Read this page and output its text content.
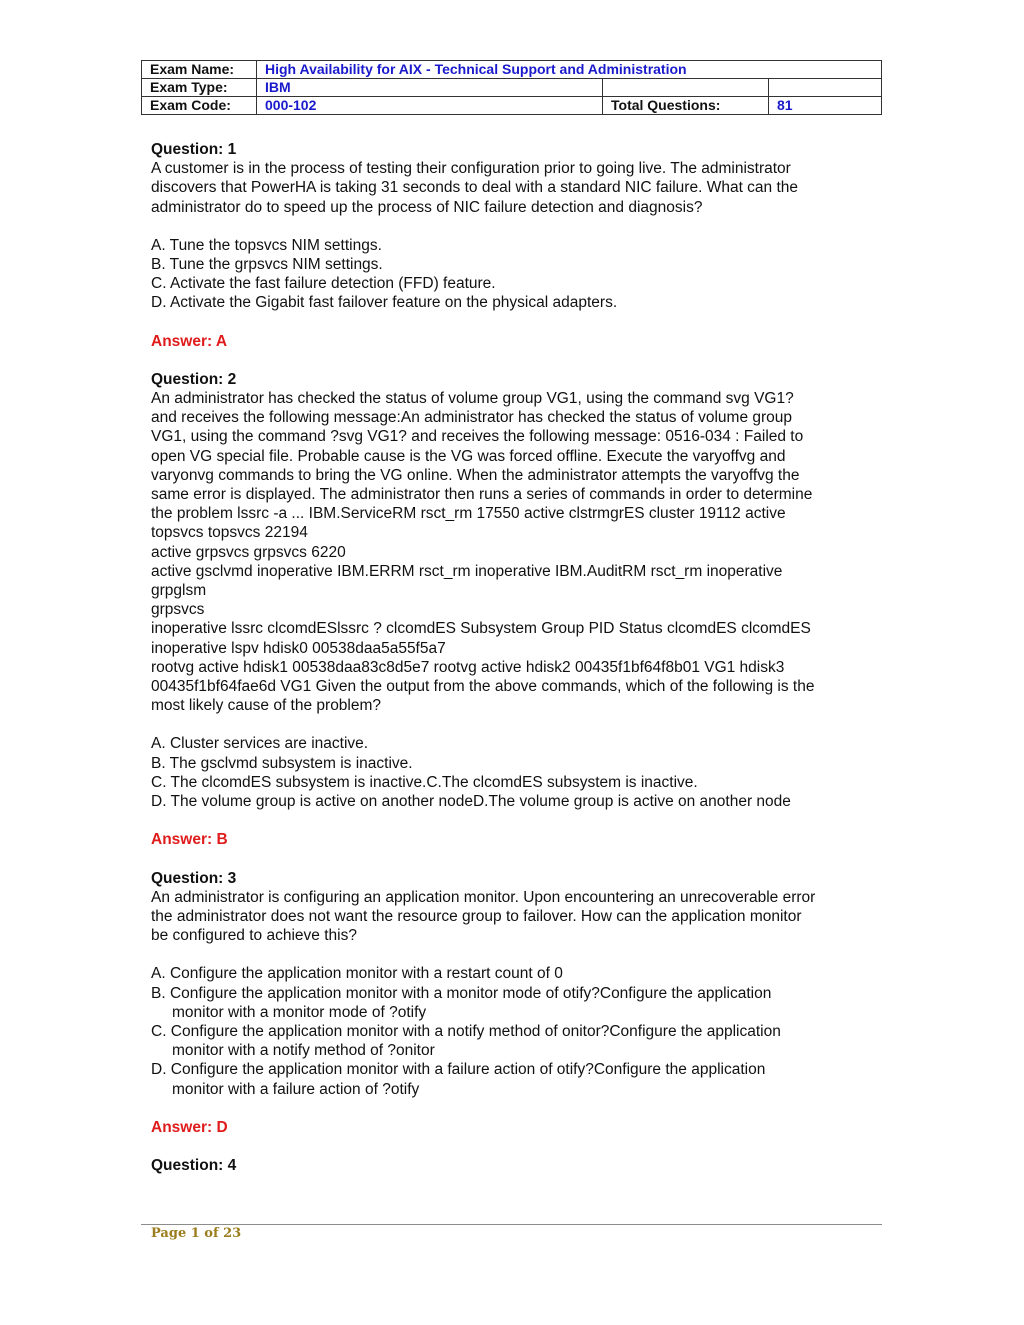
Exam Name:	High Availability for AIX - Technical Support and Administration		
Exam Type:	IBM		
Exam Code:	000-102	Total Questions:	81
Question: 1
A customer is in the process of testing their configuration prior to going live. The administrator
discovers that PowerHA is taking 31 seconds to deal with a standard NIC failure. What can the
administrator do to speed up the process of NIC failure detection and diagnosis?
A. Tune the topsvcs NIM settings.
B. Tune the grpsvcs NIM settings.
C. Activate the fast failure detection (FFD) feature.
D. Activate the Gigabit fast failover feature on the physical adapters.
Answer: A
Question: 2
An administrator has checked the status of volume group VG1, using the command svg VG1?
and receives the following message:An administrator has checked the status of volume group
VG1, using the command ?svg VG1? and receives the following message: 0516-034 : Failed to
open VG special file. Probable cause is the VG was forced offline. Execute the varyoffvg and
varyonvg commands to bring the VG online. When the administrator attempts the varyoffvg the
same error is displayed. The administrator then runs a series of commands in order to determine
the problem lssrc -a ... IBM.ServiceRM rsct_rm 17550 active clstrmgrES cluster 19112 active
topsvcs topsvcs 22194
active grpsvcs grpsvcs 6220
active gsclvmd inoperative IBM.ERRM rsct_rm inoperative IBM.AuditRM rsct_rm inoperative
grpglsm
grpsvcs
inoperative lssrc clcomdESlssrc ? clcomdES Subsystem Group PID Status clcomdES clcomdES
inoperative lspv hdisk0 00538daa5a55f5a7
rootvg active hdisk1 00538daa83c8d5e7 rootvg active hdisk2 00435f1bf64f8b01 VG1 hdisk3
00435f1bf64fae6d VG1 Given the output from the above commands, which of the following is the
most likely cause of the problem?
A. Cluster services are inactive.
B. The gsclvmd subsystem is inactive.
C. The clcomdES subsystem is inactive.C.The clcomdES subsystem is inactive.
D. The volume group is active on another nodeD.The volume group is active on another node
Answer: B
Question: 3
An administrator is configuring an application monitor. Upon encountering an unrecoverable error
the administrator does not want the resource group to failover. How can the application monitor
be configured to achieve this?
A. Configure the application monitor with a restart count of 0
B. Configure the application monitor with a monitor mode of otify?Configure the application
monitor with a monitor mode of ?otify
C. Configure the application monitor with a notify method of onitor?Configure the application
monitor with a notify method of ?onitor
D. Configure the application monitor with a failure action of otify?Configure the application
monitor with a failure action of ?otify
Answer: D
Question: 4
Page 1 of 23
